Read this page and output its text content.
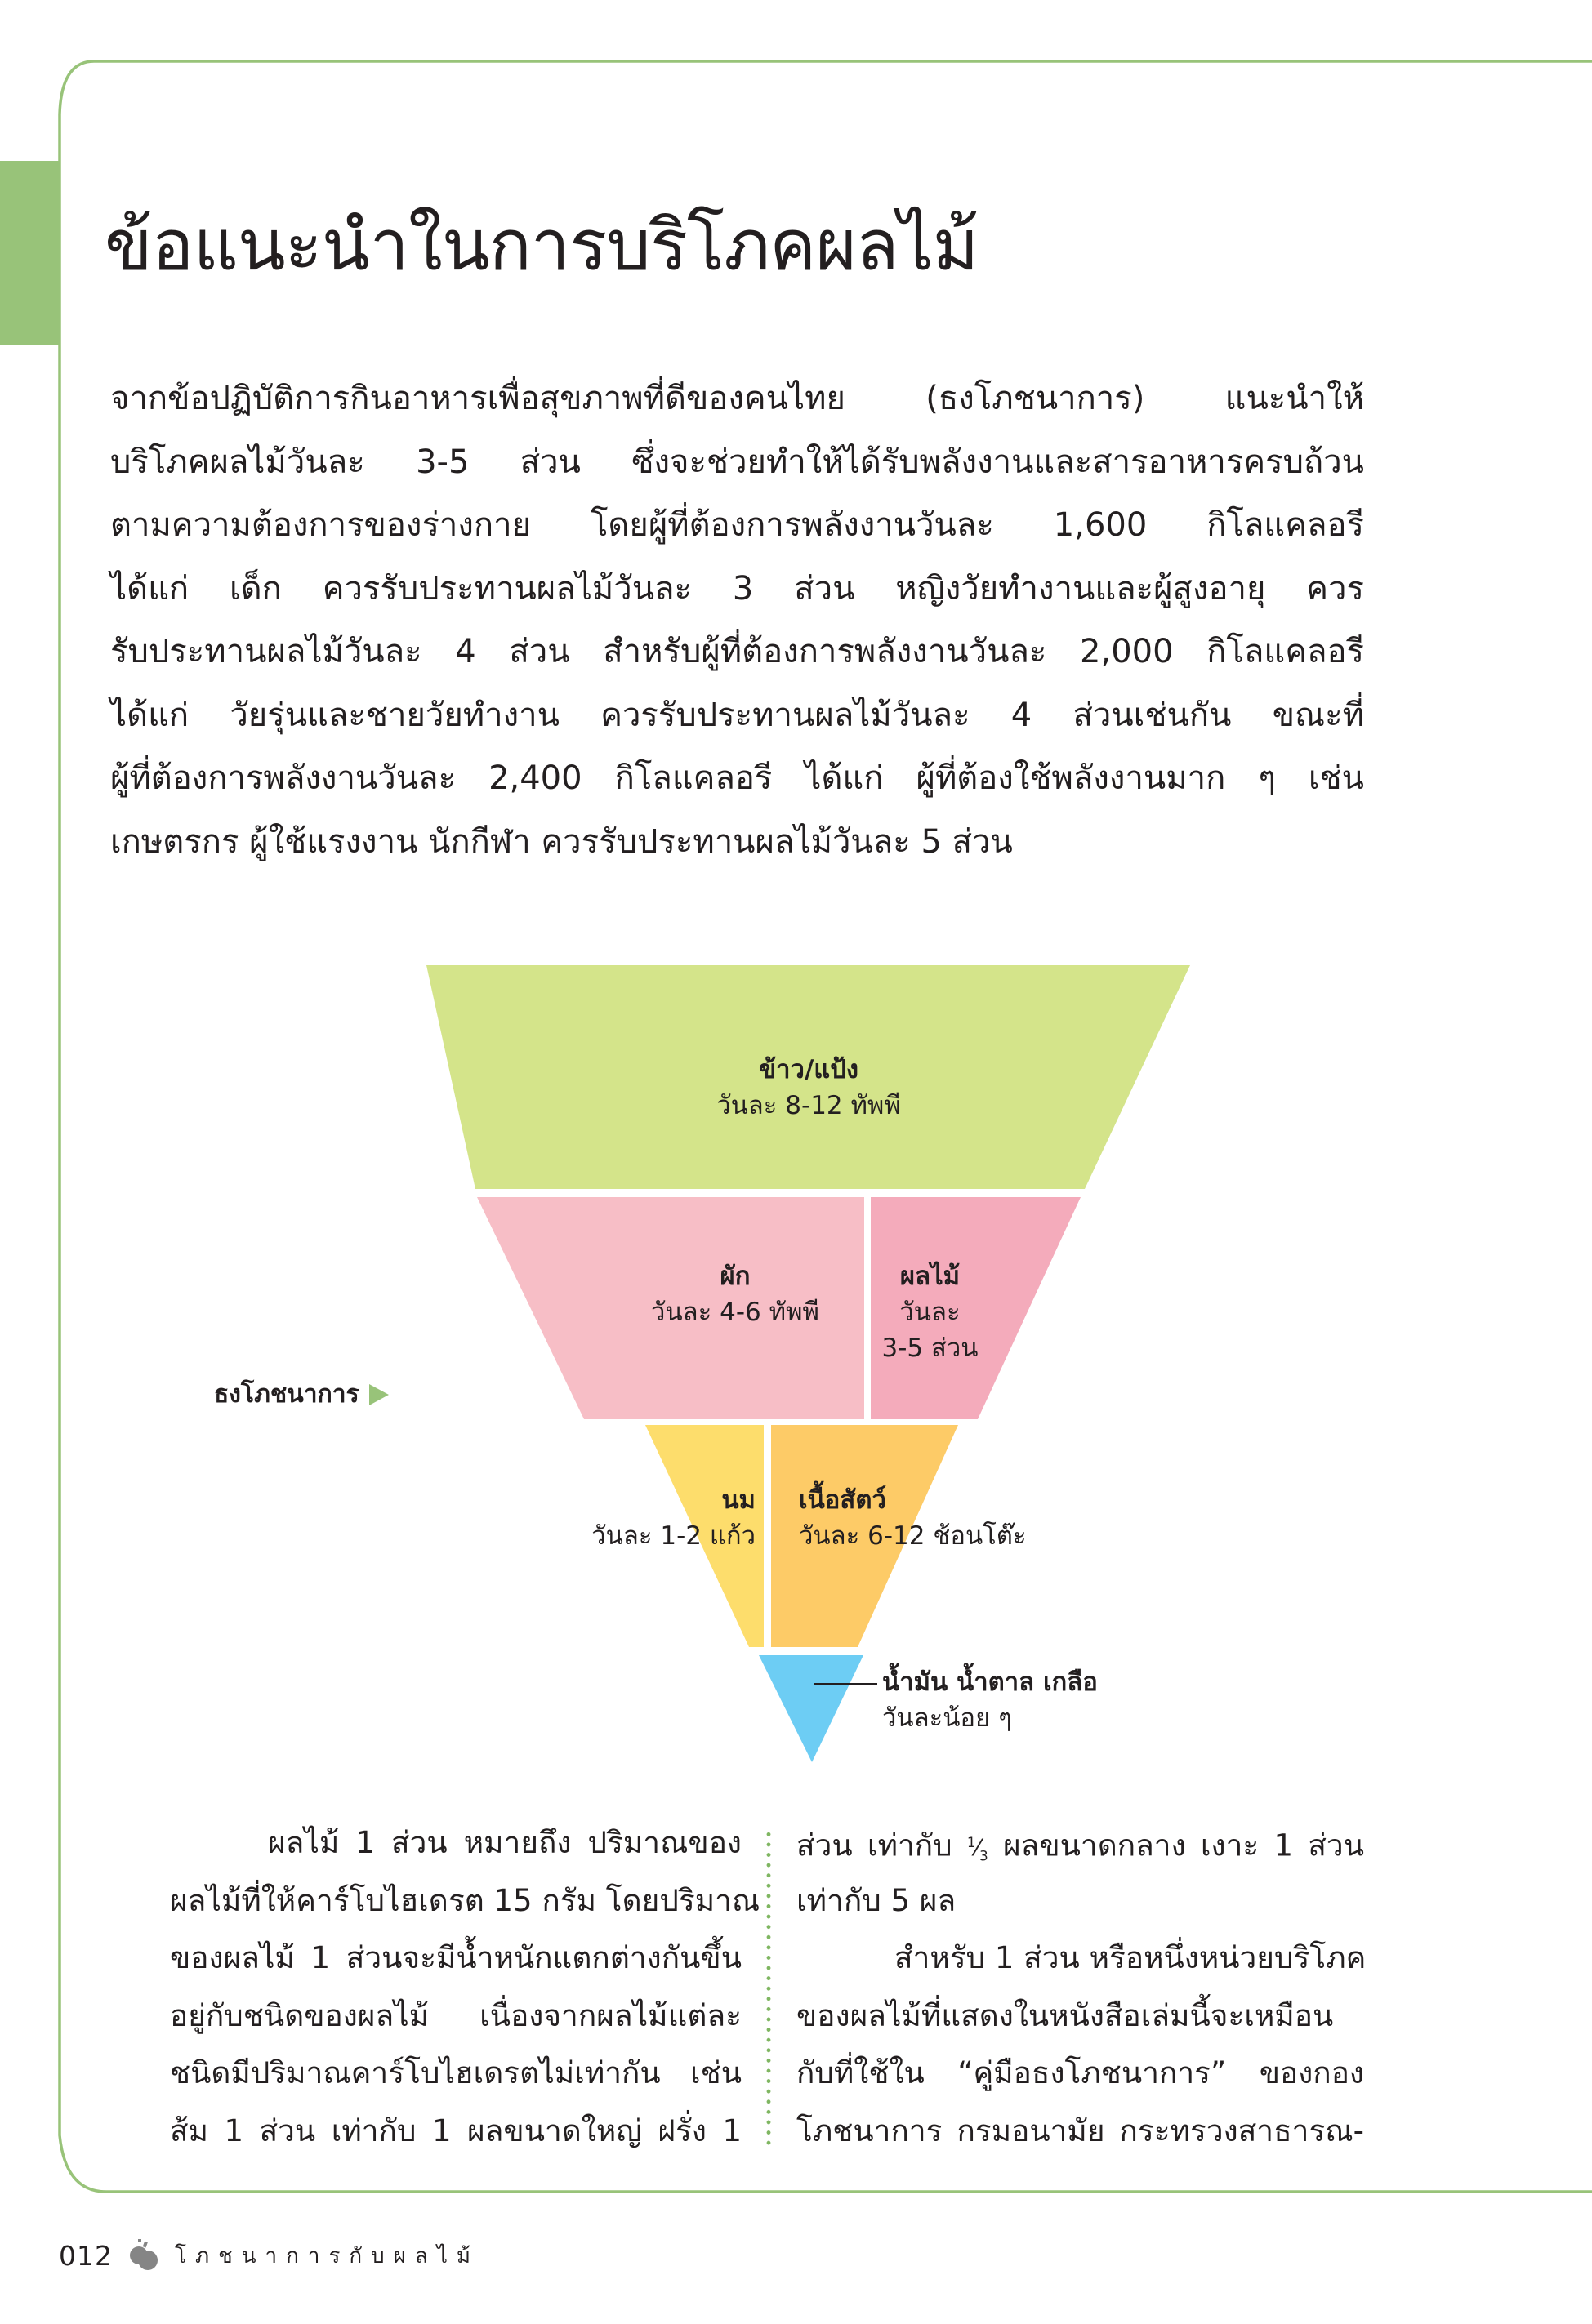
ข้อแนะนำในการบริโภคผลไม้
จากข้อปฏิบัติการกินอาหารเพื่อสุขภาพที่ดีของคนไทย (ธงโภชนาการ) แนะนำให้
บริโภคผลไม้วันละ 3-5 ส่วน ซึ่งจะช่วยทำให้ได้รับพลังงานและสารอาหารครบถ้วน
ตามความต้องการของร่างกาย โดยผู้ที่ต้องการพลังงานวันละ 1,600 กิโลแคลอรี
ได้แก่ เด็ก ควรรับประทานผลไม้วันละ 3 ส่วน หญิงวัยทำงานและผู้สูงอายุ ควร
รับประทานผลไม้วันละ 4 ส่วน สำหรับผู้ที่ต้องการพลังงานวันละ 2,000 กิโลแคลอรี
ได้แก่ วัยรุ่นและชายวัยทำงาน ควรรับประทานผลไม้วันละ 4 ส่วนเช่นกัน ขณะที่
ผู้ที่ต้องการพลังงานวันละ 2,400 กิโลแคลอรี ได้แก่ ผู้ที่ต้องใช้พลังงานมาก ๆ เช่น
เกษตรกร ผู้ใช้แรงงาน นักกีฬา ควรรับประทานผลไม้วันละ 5 ส่วน
ข้าว/แป้ง
วันละ 8-12 ทัพพี
ผัก
วันละ 4-6 ทัพพี
ผลไม้
วันละ
3-5 ส่วน
นม
วันละ 1-2 แก้ว
เนื้อสัตว์
วันละ 6-12 ช้อนโต๊ะ
น้ำมัน น้ำตาล เกลือ
วันละน้อย ๆ
ธงโภชนาการ
ผลไม้ 1 ส่วน หมายถึง ปริมาณของ
ผลไม้ที่ให้คาร์โบไฮเดรต 15 กรัม โดยปริมาณ
ของผลไม้ 1 ส่วนจะมีน้ำหนักแตกต่างกันขึ้น
อยู่กับชนิดของผลไม้ เนื่องจากผลไม้แต่ละ
ชนิดมีปริมาณคาร์โบไฮเดรตไม่เท่ากัน เช่น
ส้ม 1 ส่วน เท่ากับ 1 ผลขนาดใหญ่ ฝรั่ง 1
ส่วน เท่ากับ $^1⁄_3$ ผลขนาดกลาง เงาะ 1 ส่วน
เท่ากับ 5 ผล
สำหรับ 1 ส่วน หรือหนึ่งหน่วยบริโภค
ของผลไม้ที่แสดงในหนังสือเล่มนี้จะเหมือน
กับที่ใช้ใน “คู่มือธงโภชนาการ” ของกอง
โภชนาการ กรมอนามัย กระทรวงสาธารณ-
012	โภชนาการกับผลไม้
